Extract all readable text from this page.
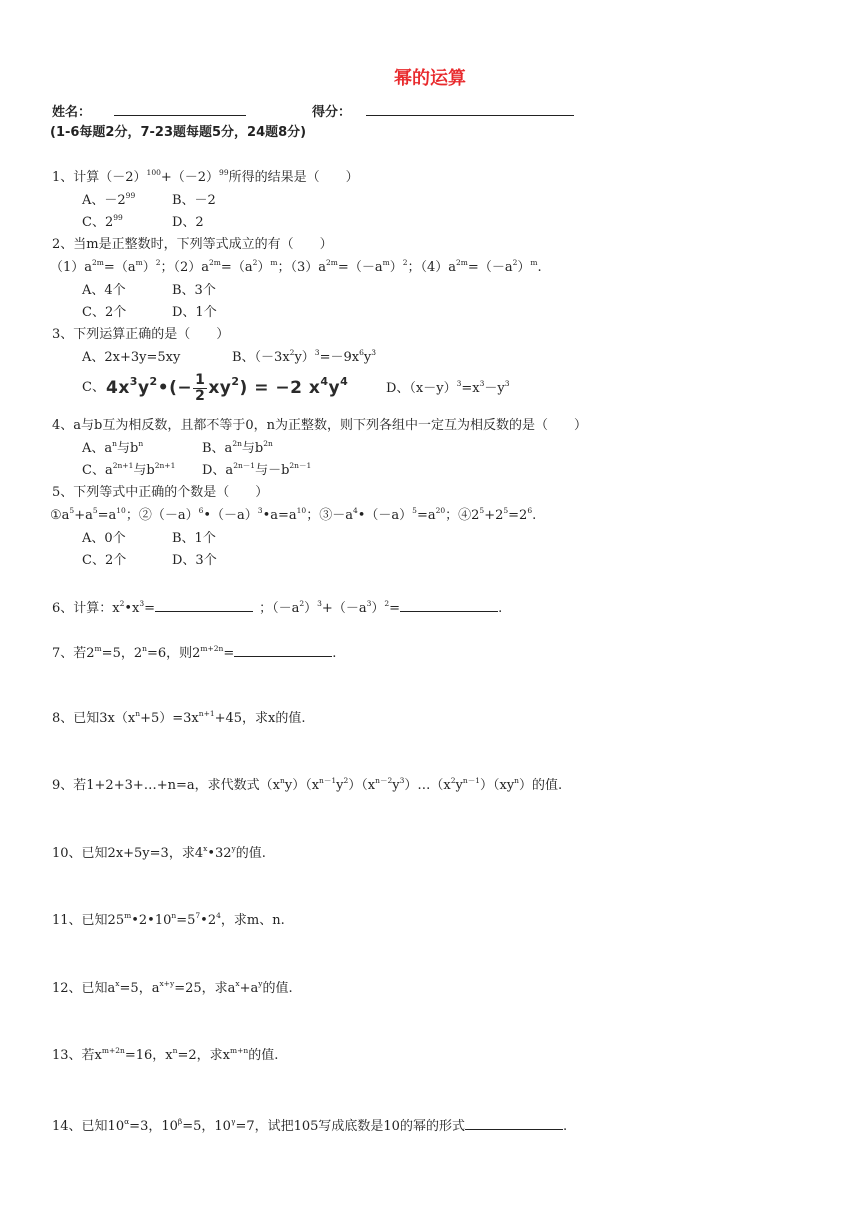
幂的运算
姓名：	得分：
(1-6每题2分，7-23题每题5分，24题8分)
1、计算$(-2)^{100}+(-2)^{99}$所得的结果是（　　）
A、$-2^{99}$	B、－2
C、$2^{99}$	D、2
2、当m是正整数时，下列等式成立的有（　　）
$(1)a^{2m}=(a^m)^2$；$(2)a^{2m}=(a^2)^m$；$(3)a^{2m}=(-a^m)^2$；$(4)a^{2m}=(-a^2)^m$.
A、4个	B、3个
C、2个	D、1个
3、下列运算正确的是（　　）
A、2x+3y=5xy	B、$(-3x^2y)^3=-9x^6y^3$
C、 $4x^3y^2•(- \frac{1}{2} xy^2) = -2$ $x^4y^4$	D、$(x-y)^3=x^3-y^3$
4、a与b互为相反数，且都不等于0，n为正整数，则下列各组中一定互为相反数的是（　　）
A、$a^n$与$b^n$	B、$a^{2n}$与$b^{2n}$
C、$a^{2n+1}$与$b^{2n+1}$ D、$a^{2n-1}$与$-b^{2n-1}$
5、下列等式中正确的个数是（　　）
$①a^5+a^5=a^{10}$；$②(-a)^6•(-a)^3•a=a^{10}$；$③-a^4•(-a)^5=a^{20}$；$④2^5+2^5=2^6$.
A、0个	B、1个
C、2个	D、3个
6、计算：$x^2•x^3=$	；$(-a^2)^3+(-a^3)^2=$	.
7、若$2^m=5$，$2^n=6$，则$2^{m+2n}=$	.
8、已知$3x(x^n+5)=3x^{n+1}+45$，求x的值.
9、若1+2+3+…+n=a，求代数式$(x^ny)(x^{n-1}y^2)(x^{n-2}y^3)\dots(x^2y^{n-1})(xy^n)$的值.
10、已知2x+5y=3，求4$^x$•32$^y$的值.
11、已知$25^m•2•10^n=5^7•2^4$，求m、n.
12、已知$a^x=5$，$a^{x+y}=25$，求$a^x+a^y$的值.
13、若$x^{m+2n}=16$，$x^n=2$，求$x^{m+n}$的值.
14、已知$10^\alpha=3$，$10^\beta=5$，$10^\gamma=7$，试把105写成底数是10的幂的形式	.
